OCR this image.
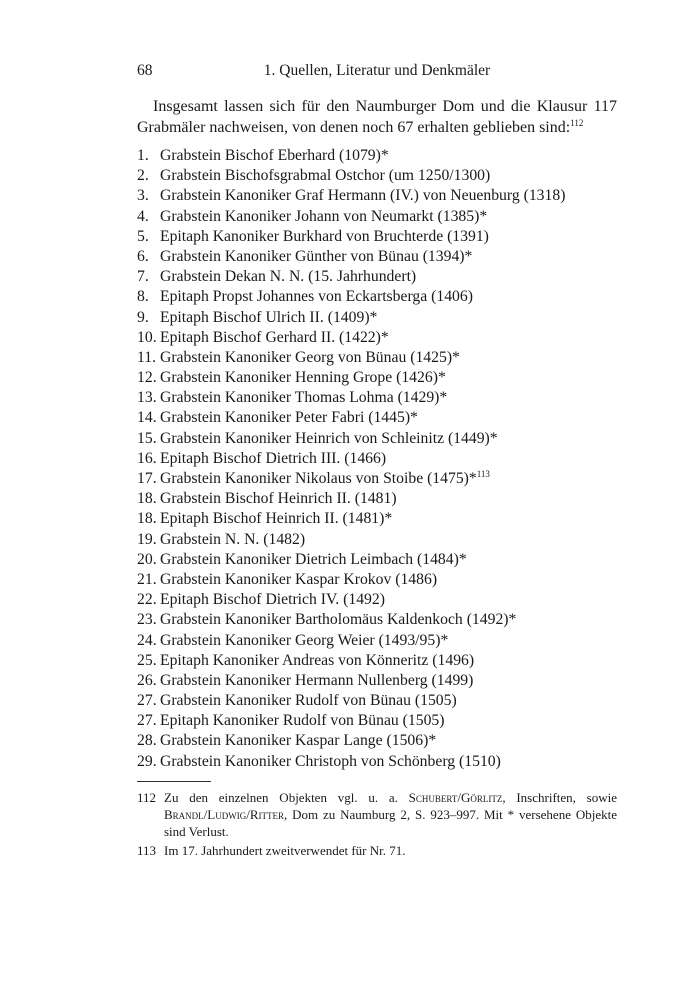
68	1. Quellen, Literatur und Denkmäler

Insgesamt lassen sich für den Naumburger Dom und die Klausur 117 Grabmäler nachweisen, von denen noch 67 erhalten geblieben sind:$^{112}$

1. Grabstein Bischof Eberhard (1079)*
2. Grabstein Bischofsgrabmal Ostchor (um 1250/1300)
3. Grabstein Kanoniker Graf Hermann (IV.) von Neuenburg (1318)
4. Grabstein Kanoniker Johann von Neumarkt (1385)*
5. Epitaph Kanoniker Burkhard von Bruchterde (1391)
6. Grabstein Kanoniker Günther von Bünau (1394)*
7. Grabstein Dekan N. N. (15. Jahrhundert)
8. Epitaph Propst Johannes von Eckartsberga (1406)
9. Epitaph Bischof Ulrich II. (1409)*
10. Epitaph Bischof Gerhard II. (1422)*
11. Grabstein Kanoniker Georg von Bünau (1425)*
12. Grabstein Kanoniker Henning Grope (1426)*
13. Grabstein Kanoniker Thomas Lohma (1429)*
14. Grabstein Kanoniker Peter Fabri (1445)*
15. Grabstein Kanoniker Heinrich von Schleinitz (1449)*
16. Epitaph Bischof Dietrich III. (1466)
17. Grabstein Kanoniker Nikolaus von Stoibe (1475)*$^{113}$
18. Grabstein Bischof Heinrich II. (1481)
18. Epitaph Bischof Heinrich II. (1481)*
19. Grabstein N. N. (1482)
20. Grabstein Kanoniker Dietrich Leimbach (1484)*
21. Grabstein Kanoniker Kaspar Krokov (1486)
22. Epitaph Bischof Dietrich IV. (1492)
23. Grabstein Kanoniker Bartholomäus Kaldenkoch (1492)*
24. Grabstein Kanoniker Georg Weier (1493/95)*
25. Epitaph Kanoniker Andreas von Könneritz (1496)
26. Grabstein Kanoniker Hermann Nullenberg (1499)
27. Grabstein Kanoniker Rudolf von Bünau (1505)
27. Epitaph Kanoniker Rudolf von Bünau (1505)
28. Grabstein Kanoniker Kaspar Lange (1506)*
29. Grabstein Kanoniker Christoph von Schönberg (1510)
112 Zu den einzelnen Objekten vgl. u. a. Schubert/Görlitz, Inschriften, sowie Brandl/Ludwig/Ritter, Dom zu Naumburg 2, S. 923–997. Mit * versehene Objekte sind Verlust.
113 Im 17. Jahrhundert zweitverwendet für Nr. 71.
